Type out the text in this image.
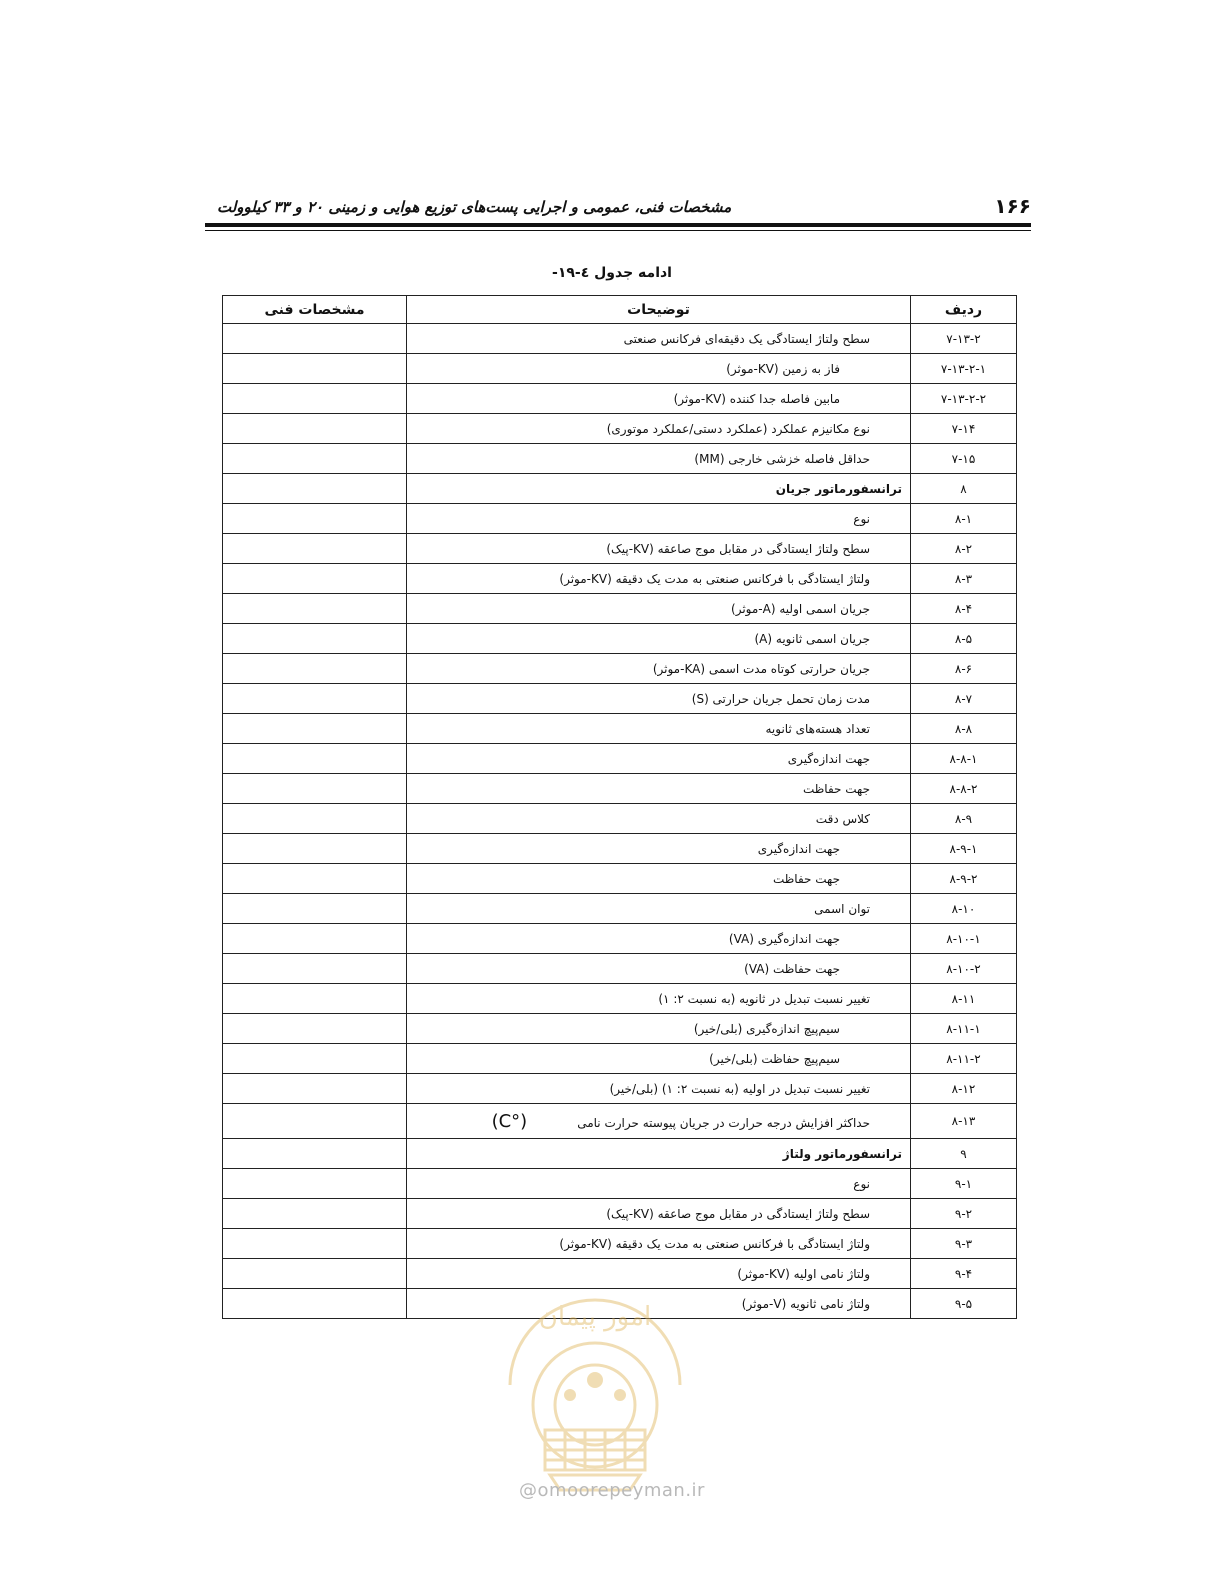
۱۶۶
مشخصات فنی، عمومی و اجرایی پست‌های توزیع هوایی و زمینی ۲۰ و ۳۳ کیلوولت
ادامه جدول ٤-١٩-
ردیف	توضیحات	مشخصات فنی
۷-۱۳-۲	سطح ولتاژ ایستادگی یک دقیقه‌ای فرکانس صنعتی	
۷-۱۳-۲-۱	فاز به زمین (KV-موثر)	
۷-۱۳-۲-۲	مابین فاصله جدا کننده (KV-موثر)	
۷-۱۴	نوع مکانیزم عملکرد (عملکرد دستی/عملکرد موتوری)	
۷-۱۵	حداقل فاصله خزشی خارجی (MM)	
۸	ترانسفورماتور جریان	
۸-۱	نوع	
۸-۲	سطح ولتاژ ایستادگی در مقابل موج صاعقه (KV-پیک)	
۸-۳	ولتاژ ایستادگی با فرکانس صنعتی به مدت یک دقیقه (KV-موثر)	
۸-۴	جریان اسمی اولیه (A-موثر)	
۸-۵	جریان اسمی ثانویه (A)	
۸-۶	جریان حرارتی کوتاه مدت اسمی (KA-موثر)	
۸-۷	مدت زمان تحمل جریان حرارتی (S)	
۸-۸	تعداد هسته‌های ثانویه	
۸-۸-۱	جهت اندازه‌گیری	
۸-۸-۲	جهت حفاظت	
۸-۹	کلاس دقت	
۸-۹-۱	جهت اندازه‌گیری	
۸-۹-۲	جهت حفاظت	
۸-۱۰	توان اسمی	
۸-۱۰-۱	جهت اندازه‌گیری (VA)	
۸-۱۰-۲	جهت حفاظت (VA)	
۸-۱۱	تغییر نسبت تبدیل در ثانویه (به نسبت ۲: ۱)	
۸-۱۱-۱	سیم‌پیچ اندازه‌گیری (بلی/خیر)	
۸-۱۱-۲	سیم‌پیچ حفاظت (بلی/خیر)	
۸-۱۲	تغییر نسبت تبدیل در اولیه (به نسبت ۲: ۱) (بلی/خیر)	
۸-۱۳	حداکثر افزایش درجه حرارت در جریان پیوسته حرارت نامی(°C)	
۹	ترانسفورماتور ولتاژ	
۹-۱	نوع	
۹-۲	سطح ولتاژ ایستادگی در مقابل موج صاعقه (KV-پیک)	
۹-۳	ولتاژ ایستادگی با فرکانس صنعتی به مدت یک دقیقه (KV-موثر)	
۹-۴	ولتاژ نامی اولیه (KV-موثر)	
۹-۵	ولتاژ نامی ثانویه (V-موثر)	
امور پیمان
@omoorepeyman.ir
